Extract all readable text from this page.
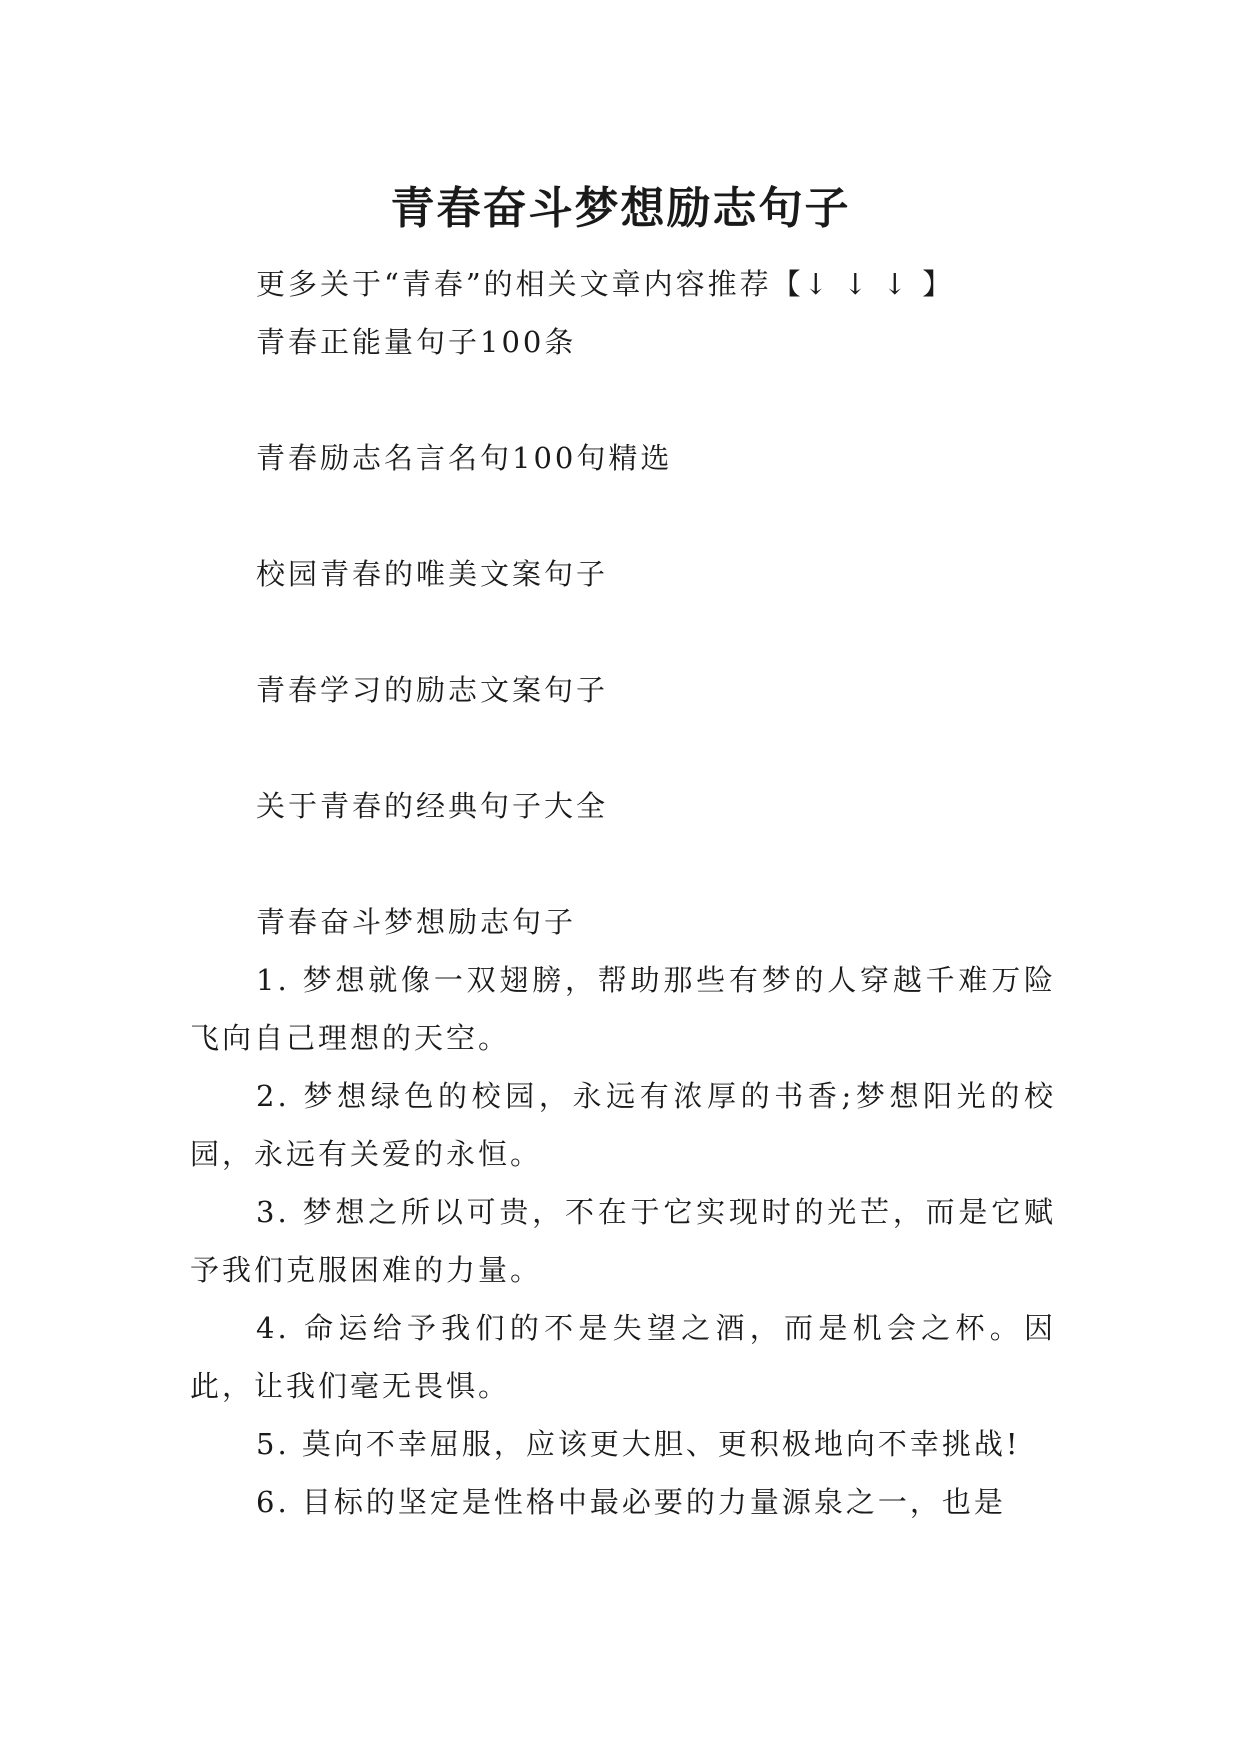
青春奋斗梦想励志句子

更多关于“青春”的相关文章内容推荐【↓ ↓ ↓ 】

青春正能量句子100条

青春励志名言名句100句精选

校园青春的唯美文案句子

青春学习的励志文案句子

关于青春的经典句子大全

青春奋斗梦想励志句子

1. 梦想就像一双翅膀，帮助那些有梦的人穿越千难万险飞向自己理想的天空。

2. 梦想绿色的校园，永远有浓厚的书香;梦想阳光的校园，永远有关爱的永恒。

3. 梦想之所以可贵，不在于它实现时的光芒，而是它赋予我们克服困难的力量。

4. 命运给予我们的不是失望之酒，而是机会之杯。因此，让我们毫无畏惧。

5. 莫向不幸屈服，应该更大胆、更积极地向不幸挑战!

6. 目标的坚定是性格中最必要的力量源泉之一，也是
